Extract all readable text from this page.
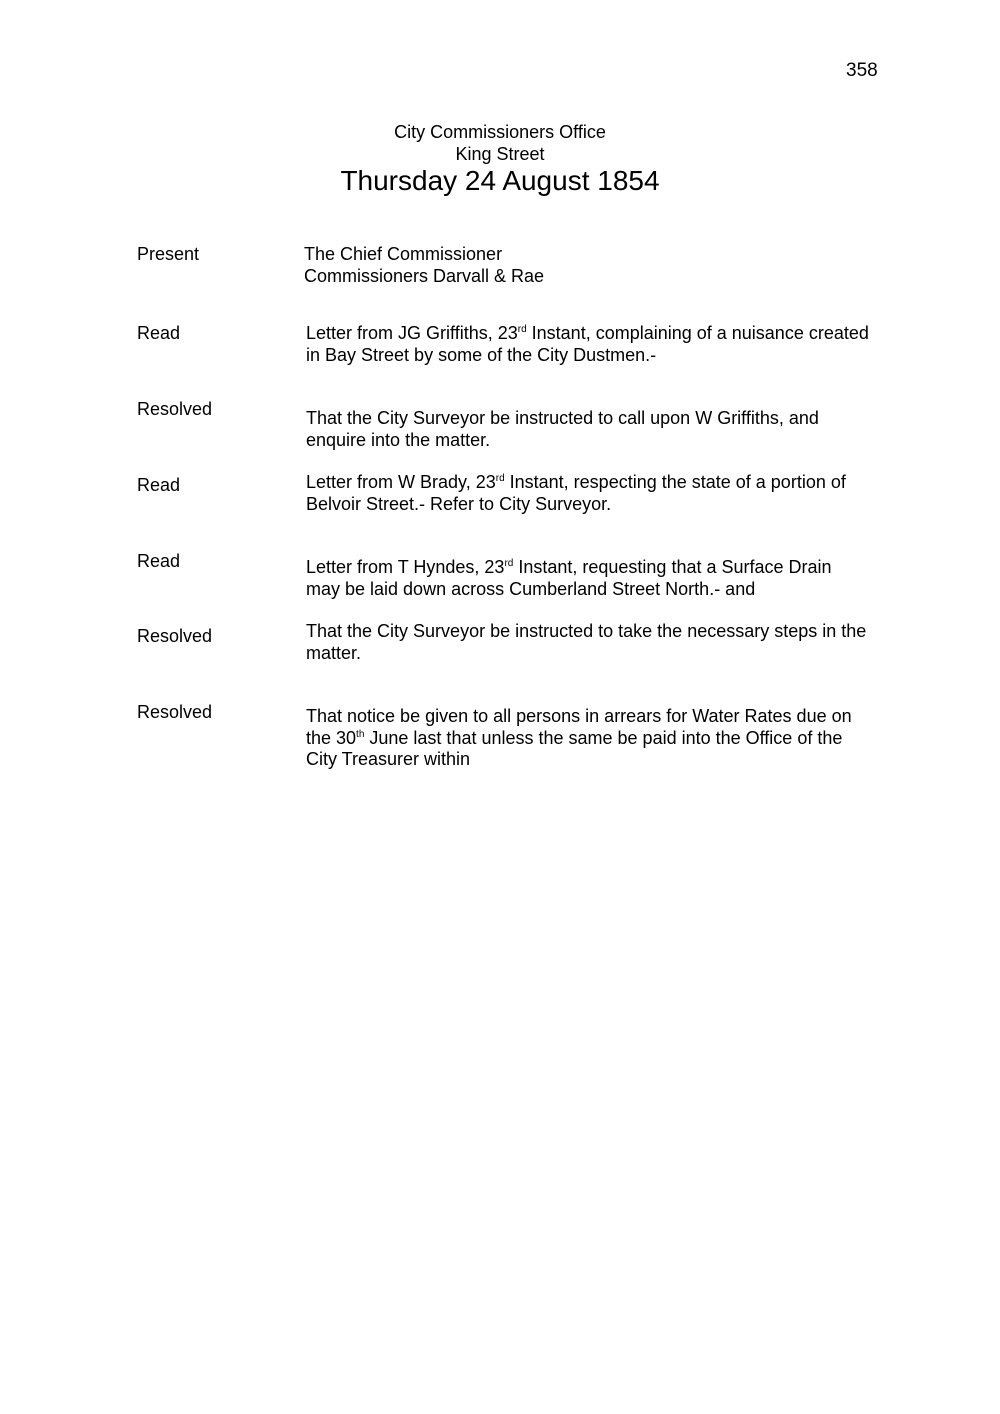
358
City Commissioners Office
King Street
Thursday 24 August 1854
Present	The Chief Commissioner
Commissioners Darvall & Rae
Read	Letter from JG Griffiths, 23rd Instant, complaining of a nuisance created
in Bay Street by some of the City Dustmen.-
Resolved	That the City Surveyor be instructed to call upon W Griffiths, and
enquire into the matter.
Read	Letter from W Brady, 23rd Instant, respecting the state of a portion of
Belvoir Street.- Refer to City Surveyor.
Read	Letter from T Hyndes, 23rd Instant, requesting that a Surface Drain
may be laid down across Cumberland Street North.- and
Resolved	That the City Surveyor be instructed to take the necessary steps in the
matter.
Resolved	That notice be given to all persons in arrears for Water Rates due on
the 30th June last that unless the same be paid into the Office of the
City Treasurer within
